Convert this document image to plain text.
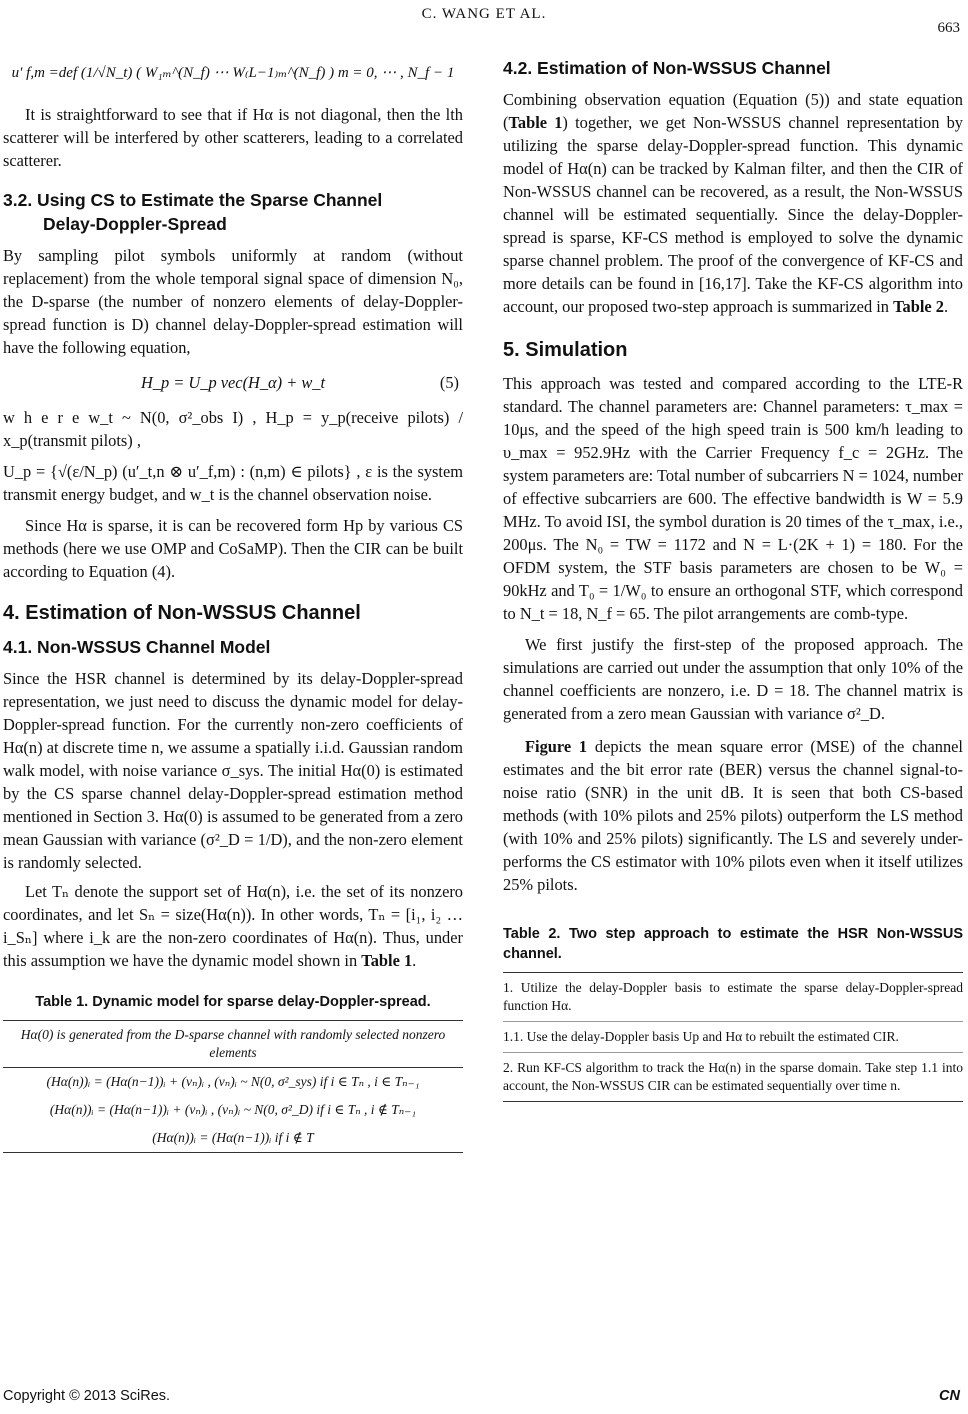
C. WANG ET AL.
663
u′ f,m =def (1/√N_t) ( W₁ₘ^(N_f) ⋯ W₍L−1₎ₘ^(N_f) ) m = 0, ⋯ , N_f − 1

It is straightforward to see that if Hα is not diagonal, then the lth scatterer will be interfered by other scatterers, leading to a correlated scatterer.

3.2. Using CS to Estimate the Sparse Channel
Delay-Doppler-Spread

By sampling pilot symbols uniformly at random (without replacement) from the whole temporal signal space of dimension N₀, the D-sparse (the number of nonzero elements of delay-Doppler-spread function is D) channel delay-Doppler-spread estimation will have the following equation,

H_p = U_p vec(H_α) + w_t	(5)

w h e r e w_t ~ N(0, σ²_obs I) , H_p = y_p(receive pilots) / x_p(transmit pilots) ,

U_p = {√(ε/N_p) (u′_t,n ⊗ u′_f,m) : (n,m) ∈ pilots} , ε is the system transmit energy budget, and w_t is the channel observation noise.

Since Hα is sparse, it is can be recovered form Hp by various CS methods (here we use OMP and CoSaMP). Then the CIR can be built according to Equation (4).

4. Estimation of Non-WSSUS Channel
4.1. Non-WSSUS Channel Model

Since the HSR channel is determined by its delay-Doppler-spread representation, we just need to discuss the dynamic model for delay-Doppler-spread function. For the currently non-zero coefficients of Hα(n) at discrete time n, we assume a spatially i.i.d. Gaussian random walk model, with noise variance σ_sys. The initial Hα(0) is estimated by the CS sparse channel delay-Doppler-spread estimation method mentioned in Section 3. Hα(0) is assumed to be generated from a zero mean Gaussian with variance (σ²_D = 1/D), and the non-zero element is randomly selected.

Let Tₙ denote the support set of Hα(n), i.e. the set of its nonzero coordinates, and let Sₙ = size(Hα(n)). In other words, Tₙ = [i₁, i₂ … i_Sₙ] where i_k are the non-zero coordinates of Hα(n). Thus, under this assumption we have the dynamic model shown in Table 1.

Table 1. Dynamic model for sparse delay-Doppler-spread.
Hα(0) is generated from the D-sparse channel with randomly selected nonzero elements
(Hα(n))ᵢ = (Hα(n−1))ᵢ + (vₙ)ᵢ , (vₙ)ᵢ ~ N(0, σ²_sys) if i ∈ Tₙ , i ∈ Tₙ₋₁
(Hα(n))ᵢ = (Hα(n−1))ᵢ + (vₙ)ᵢ , (vₙ)ᵢ ~ N(0, σ²_D) if i ∈ Tₙ , i ∉ Tₙ₋₁
(Hα(n))ᵢ = (Hα(n−1))ᵢ if i ∉ T
4.2. Estimation of Non-WSSUS Channel

Combining observation equation (Equation (5)) and state equation (Table 1) together, we get Non-WSSUS channel representation by utilizing the sparse delay-Doppler-spread function. This dynamic model of Hα(n) can be tracked by Kalman filter, and then the CIR of Non-WSSUS channel can be recovered, as a result, the Non-WSSUS channel will be estimated sequentially. Since the delay-Doppler-spread is sparse, KF-CS method is employed to solve the dynamic sparse channel problem. The proof of the convergence of KF-CS and more details can be found in [16,17]. Take the KF-CS algorithm into account, our proposed two-step approach is summarized in Table 2.

5. Simulation

This approach was tested and compared according to the LTE-R standard. The channel parameters are: Channel parameters: τ_max = 10μs, and the speed of the high speed train is 500 km/h leading to υ_max = 952.9Hz with the Carrier Frequency f_c = 2GHz. The system parameters are: Total number of subcarriers N = 1024, number of effective subcarriers are 600. The effective bandwidth is W = 5.9 MHz. To avoid ISI, the symbol duration is 20 times of the τ_max, i.e., 200μs. The N₀ = TW = 1172 and N = L·(2K + 1) = 180. For the OFDM system, the STF basis parameters are chosen to be W₀ = 90kHz and T₀ = 1/W₀ to ensure an orthogonal STF, which correspond to N_t = 18, N_f = 65. The pilot arrangements are comb-type.

We first justify the first-step of the proposed approach. The simulations are carried out under the assumption that only 10% of the channel coefficients are nonzero, i.e. D = 18. The channel matrix is generated from a zero mean Gaussian with variance σ²_D.

Figure 1 depicts the mean square error (MSE) of the channel estimates and the bit error rate (BER) versus the channel signal-to-noise ratio (SNR) in the unit dB. It is seen that both CS-based methods (with 10% pilots and 25% pilots) outperform the LS method (with 10% and 25% pilots) significantly. The LS and severely under-performs the CS estimator with 10% pilots even when it itself utilizes 25% pilots.

Table 2. Two step approach to estimate the HSR Non-WSSUS channel.
1. Utilize the delay-Doppler basis to estimate the sparse delay-Doppler-spread function Hα.
1.1. Use the delay-Doppler basis Up and Hα to rebuilt the estimated CIR.
2. Run KF-CS algorithm to track the Hα(n) in the sparse domain. Take step 1.1 into account, the Non-WSSUS CIR can be estimated sequentially over time n.
Copyright © 2013 SciRes.	CN
